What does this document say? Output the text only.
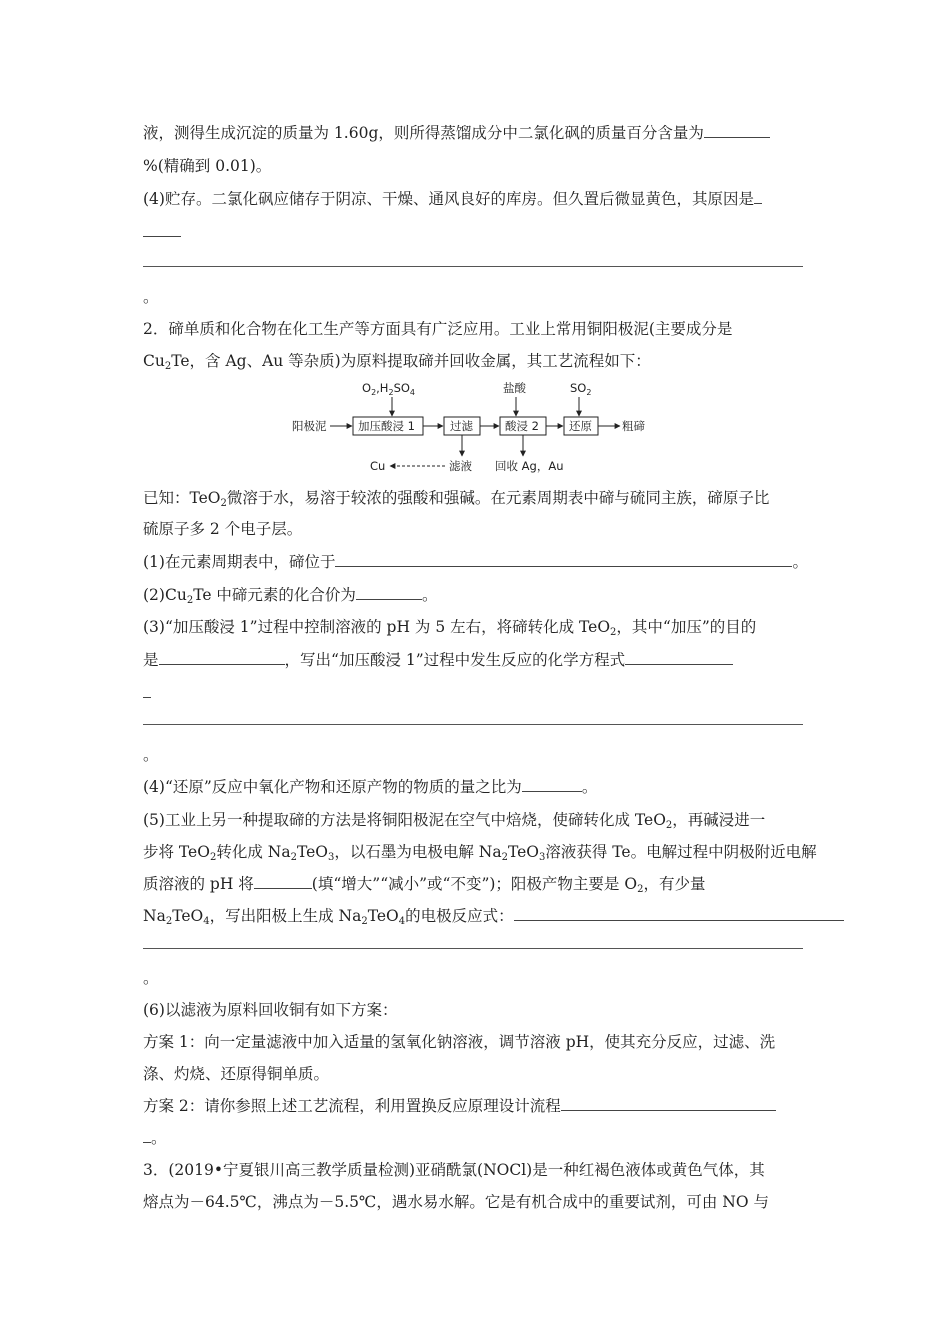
液，测得生成沉淀的质量为 1.60g，则所得蒸馏成分中二氯化砜的质量百分含量为
%(精确到 0.01)。
(4)贮存。二氯化砜应储存于阴凉、干燥、通风良好的库房。但久置后微显黄色，其原因是
。
2．碲单质和化合物在化工生产等方面具有广泛应用。工业上常用铜阳极泥(主要成分是
$Cu_2Te$，含 Ag、Au 等杂质)为原料提取碲并回收金属，其工艺流程如下：
$O_2,H_2SO_4$	盐酸	$SO_2$
阳极泥	加压酸浸 1	过滤	酸浸 2	还原	粗碲
滤液
Cu	回收 Ag，Au
已知：TeO$_2$微溶于水，易溶于较浓的强酸和强碱。在元素周期表中碲与硫同主族，碲原子比
硫原子多 2 个电子层。
(1)在元素周期表中，碲位于	。
$(2)Cu_2Te$ 中碲元素的化合价为	。
(3)“加压酸浸 1”过程中控制溶液的 pH 为 5 左右，将碲转化成 TeO$_2$，其中“加压”的目的
是	，写出“加压酸浸 1”过程中发生反应的化学方程式
。
(4)“还原”反应中氧化产物和还原产物的物质的量之比为	。
(5)工业上另一种提取碲的方法是将铜阳极泥在空气中焙烧，使碲转化成 TeO$_2$，再碱浸进一
步将 TeO$_2$转化成 $Na_2TeO_3$，以石墨为电极电解 $Na_2TeO_3$溶液获得 Te。电解过程中阴极附近电解
质溶液的 pH 将	(填“增大”“减小”或“不变”)；阳极产物主要是 $O_2$，有少量
$Na_2TeO_4$，写出阳极上生成 $Na_2TeO_4$的电极反应式：
。
(6)以滤液为原料回收铜有如下方案：
方案 1：向一定量滤液中加入适量的氢氧化钠溶液，调节溶液 pH，使其充分反应，过滤、洗
涤、灼烧、还原得铜单质。
方案 2：请你参照上述工艺流程，利用置换反应原理设计流程
。
3．(2019•宁夏银川高三教学质量检测)亚硝酰氯(NOCl)是一种红褐色液体或黄色气体，其
熔点为－64.5℃，沸点为－5.5℃，遇水易水解。它是有机合成中的重要试剂，可由 NO 与
